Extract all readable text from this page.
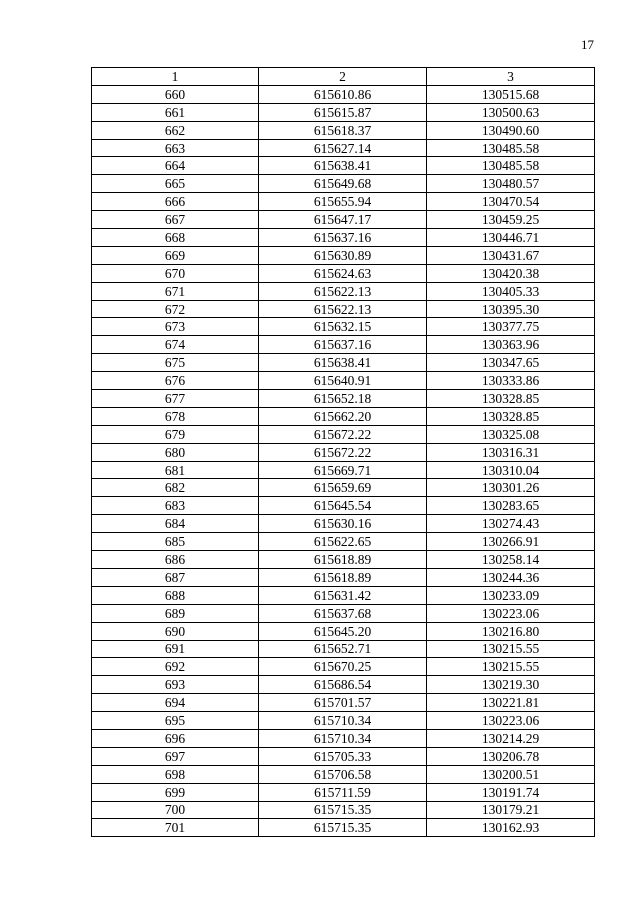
17
1	2	3
660	615610.86	130515.68
661	615615.87	130500.63
662	615618.37	130490.60
663	615627.14	130485.58
664	615638.41	130485.58
665	615649.68	130480.57
666	615655.94	130470.54
667	615647.17	130459.25
668	615637.16	130446.71
669	615630.89	130431.67
670	615624.63	130420.38
671	615622.13	130405.33
672	615622.13	130395.30
673	615632.15	130377.75
674	615637.16	130363.96
675	615638.41	130347.65
676	615640.91	130333.86
677	615652.18	130328.85
678	615662.20	130328.85
679	615672.22	130325.08
680	615672.22	130316.31
681	615669.71	130310.04
682	615659.69	130301.26
683	615645.54	130283.65
684	615630.16	130274.43
685	615622.65	130266.91
686	615618.89	130258.14
687	615618.89	130244.36
688	615631.42	130233.09
689	615637.68	130223.06
690	615645.20	130216.80
691	615652.71	130215.55
692	615670.25	130215.55
693	615686.54	130219.30
694	615701.57	130221.81
695	615710.34	130223.06
696	615710.34	130214.29
697	615705.33	130206.78
698	615706.58	130200.51
699	615711.59	130191.74
700	615715.35	130179.21
701	615715.35	130162.93
